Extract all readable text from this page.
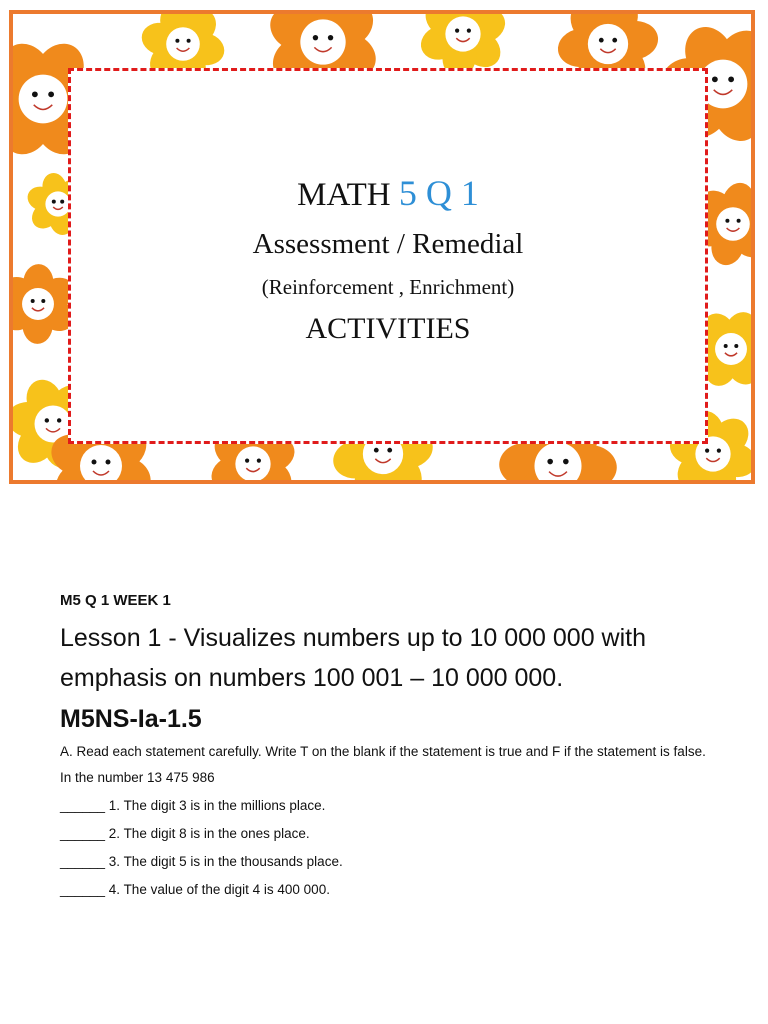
MATH 5 Q 1
Assessment / Remedial
(Reinforcement , Enrichment)
ACTIVITIES

M5 Q 1 WEEK 1

Lesson 1 - Visualizes numbers up to 10 000 000 with emphasis on numbers 100 001 – 10 000 000.

M5NS-Ia-1.5

A. Read each statement carefully. Write T on the blank if the statement is true and F if the statement is false.

In the number 13 475 986

______ 1. The digit 3 is in the millions place.
______ 2. The digit 8 is in the ones place.
______ 3. The digit 5 is in the thousands place.
______ 4. The value of the digit 4 is 400 000.
